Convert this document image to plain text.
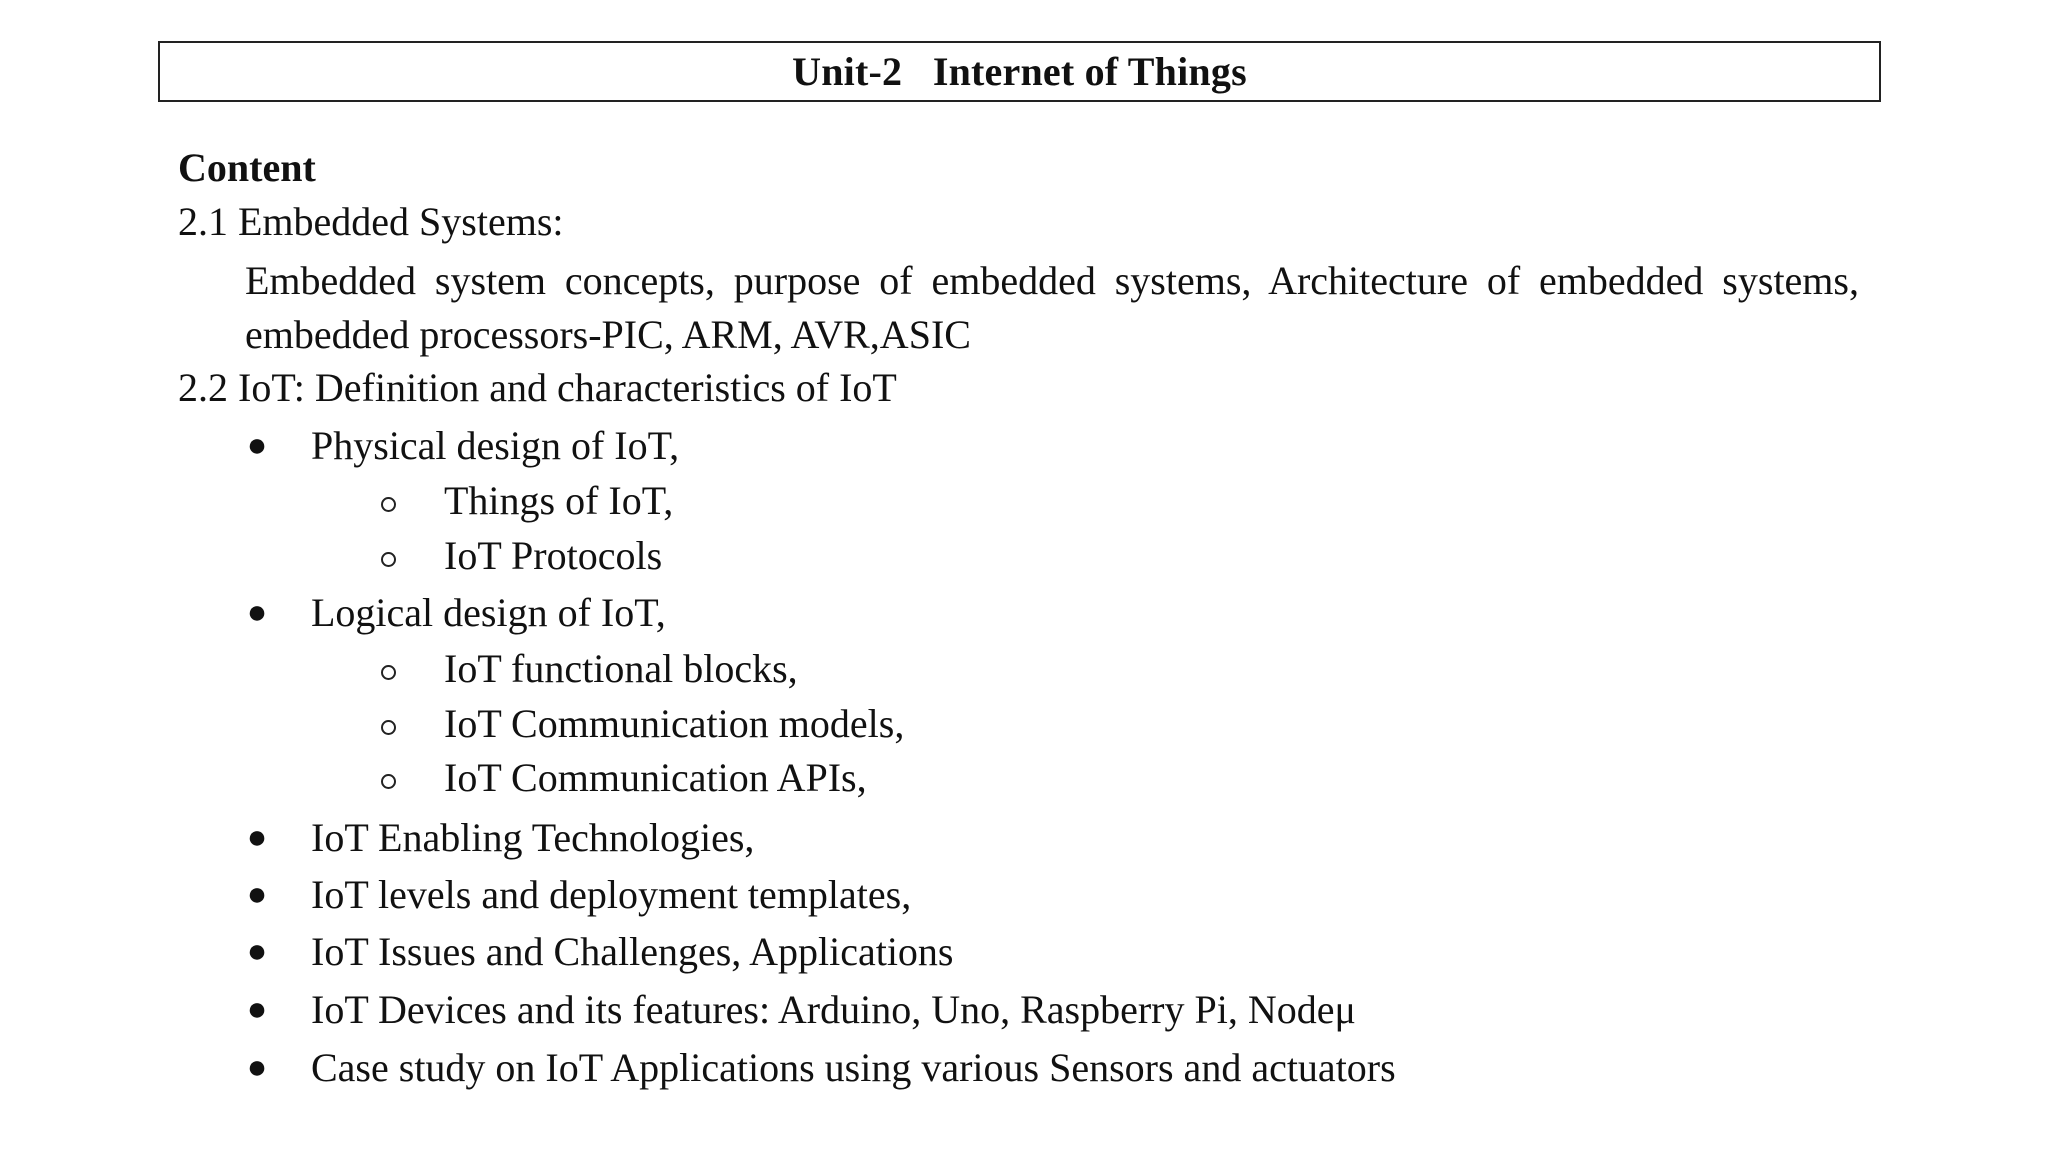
Unit-2   Internet of Things
Content
2.1 Embedded Systems:
Embedded system concepts, purpose of embedded systems, Architecture of embedded systems, embedded processors-PIC, ARM, AVR,ASIC
2.2 IoT: Definition and characteristics of IoT
● Physical design of IoT,
Things of IoT,
IoT Protocols
● Logical design of IoT,
IoT functional blocks,
IoT Communication models,
IoT Communication APIs,
● IoT Enabling Technologies,
● IoT levels and deployment templates,
● IoT Issues and Challenges, Applications
● IoT Devices and its features: Arduino, Uno, Raspberry Pi, Nodeμ
● Case study on IoT Applications using various Sensors and actuators
